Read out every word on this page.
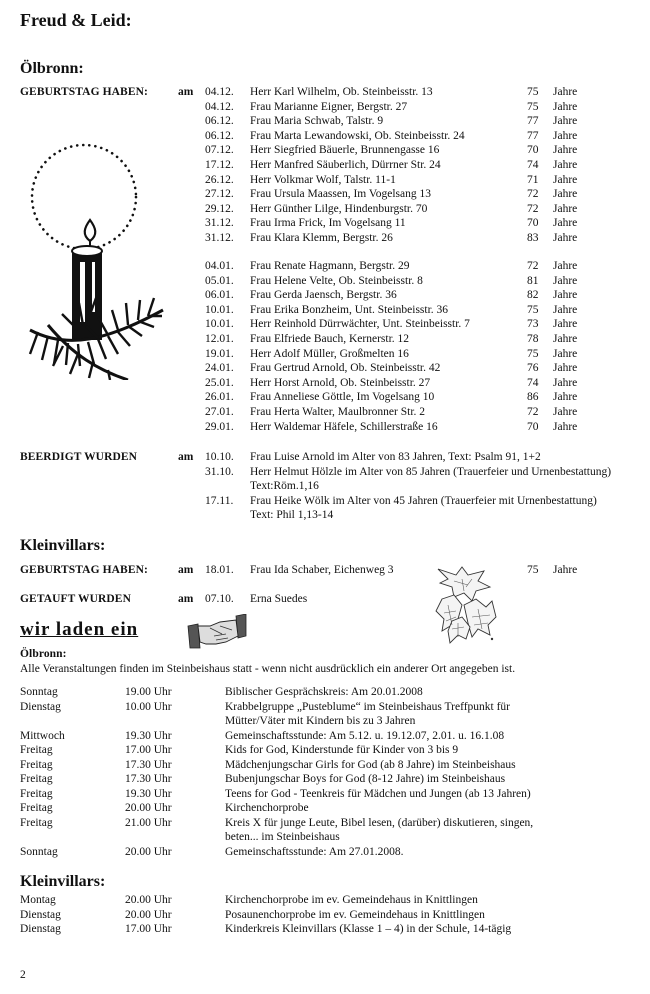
Freud & Leid:
Ölbronn:
GEBURTSTAG HABEN:	am 04.12. Herr Karl Wilhelm, Ob. Steinbeisstr. 13	75 Jahre
04.12. Frau Marianne Eigner, Bergstr. 27	75 Jahre
06.12. Frau Maria Schwab, Talstr. 9	77 Jahre
06.12. Frau Marta Lewandowski, Ob. Steinbeisstr. 24	77 Jahre
07.12. Herr Siegfried Bäuerle, Brunnengasse 16	70 Jahre
17.12. Herr Manfred Säuberlich, Dürrner Str. 24	74 Jahre
26.12. Herr Volkmar Wolf, Talstr. 11-1	71 Jahre
27.12. Frau Ursula Maassen, Im Vogelsang 13	72 Jahre
29.12. Herr Günther Lilge, Hindenburgstr. 70	72 Jahre
31.12. Frau Irma Frick, Im Vogelsang 11	70 Jahre
31.12. Frau Klara Klemm, Bergstr. 26	83 Jahre
04.01. Frau Renate Hagmann, Bergstr. 29	72 Jahre
05.01. Frau Helene Velte, Ob. Steinbeisstr. 8	81 Jahre
06.01. Frau Gerda Jaensch, Bergstr. 36	82 Jahre
10.01. Frau Erika Bonzheim, Unt. Steinbeisstr. 36	75 Jahre
10.01. Herr Reinhold Dürrwächter, Unt. Steinbeisstr. 7	73 Jahre
12.01. Frau Elfriede Bauch, Kernerstr. 12	78 Jahre
19.01. Herr Adolf Müller, Großmelten 16	75 Jahre
24.01. Frau Gertrud Arnold, Ob. Steinbeisstr. 42	76 Jahre
25.01. Herr Horst Arnold, Ob. Steinbeisstr. 27	74 Jahre
26.01. Frau Anneliese Göttle, Im Vogelsang 10	86 Jahre
27.01. Frau Herta Walter, Maulbronner Str. 2	72 Jahre
29.01. Herr Waldemar Häfele, Schillerstraße 16	70 Jahre
BEERDIGT WURDEN	am 10.10. Frau Luise Arnold im Alter von 83 Jahren, Text: Psalm 91, 1+2
31.10. Herr Helmut Hölzle im Alter von 85 Jahren (Trauerfeier und Urnenbestattung)
Text:Röm.1,16
17.11. Frau Heike Wölk im Alter von 45 Jahren (Trauerfeier mit Urnenbestattung)
Text: Phil 1,13-14
Kleinvillars:
GEBURTSTAG HABEN:	am 18.01. Frau Ida Schaber, Eichenweg 3	75 Jahre
GETAUFT WURDEN	am 07.10. Erna Suedes
wir laden ein
Ölbronn:
Alle Veranstaltungen finden im Steinbeishaus statt - wenn nicht ausdrücklich ein anderer Ort angegeben ist.
Sonntag	19.00 Uhr	Biblischer Gesprächskreis: Am 20.01.2008
Dienstag	10.00 Uhr	Krabbelgruppe „Pusteblume“ im Steinbeishaus Treffpunkt für
Mütter/Väter mit Kindern bis zu 3 Jahren
Mittwoch	19.30 Uhr	Gemeinschaftsstunde: Am 5.12. u. 19.12.07, 2.01. u. 16.1.08
Freitag	17.00 Uhr	Kids for God, Kinderstunde für Kinder von 3 bis 9
Freitag	17.30 Uhr	Mädchenjungschar Girls for God (ab 8 Jahre) im Steinbeishaus
Freitag	17.30 Uhr	Bubenjungschar Boys for God (8-12 Jahre) im Steinbeishaus
Freitag	19.30 Uhr	Teens for God - Teenkreis für Mädchen und Jungen (ab 13 Jahren)
Freitag	20.00 Uhr	Kirchenchorprobe
Freitag	21.00 Uhr	Kreis X für junge Leute, Bibel lesen, (darüber) diskutieren, singen,
beten... im Steinbeishaus
Sonntag	20.00 Uhr	Gemeinschaftsstunde: Am 27.01.2008.
Kleinvillars:
Montag	20.00 Uhr	Kirchenchorprobe im ev. Gemeindehaus in Knittlingen
Dienstag	20.00 Uhr	Posaunenchorprobe im ev. Gemeindehaus in Knittlingen
Dienstag	17.00 Uhr	Kinderkreis Kleinvillars (Klasse 1 – 4) in der Schule, 14-tägig
2
